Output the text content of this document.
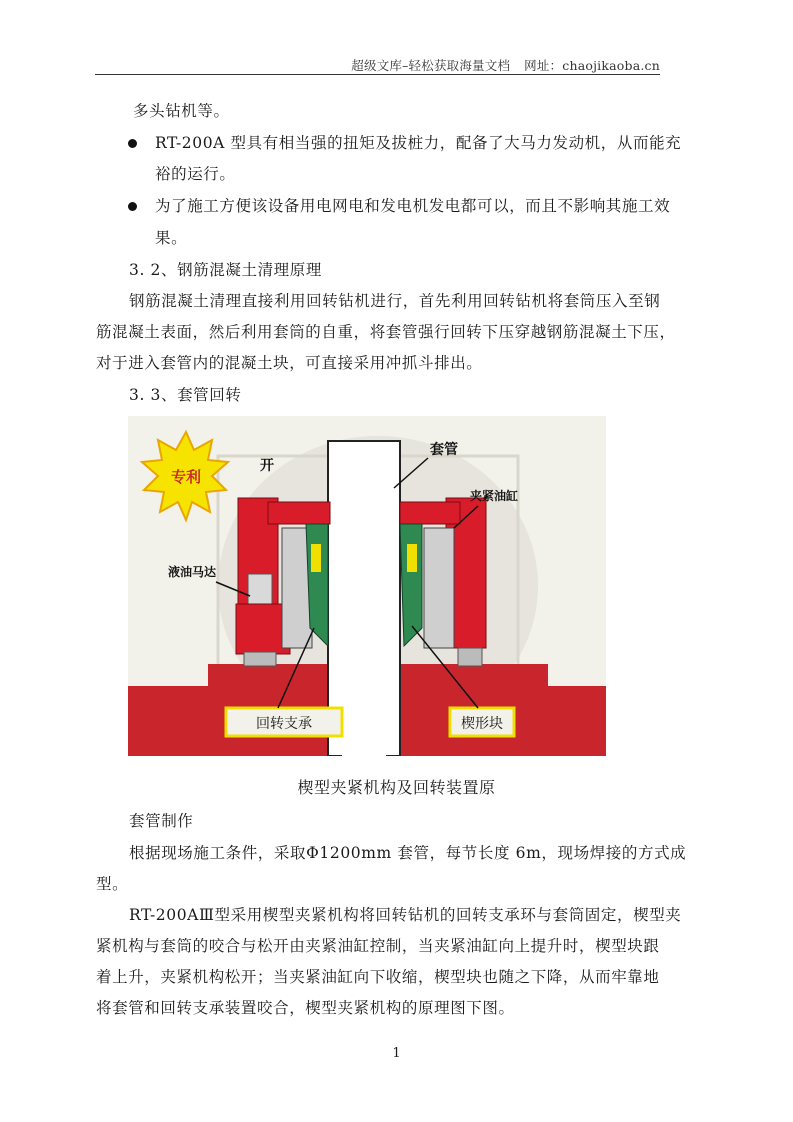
超级文库–轻松获取海量文档 网址：chaojikaoba.cn
多头钻机等。
RT-200A 型具有相当强的扭矩及拔桩力，配备了大马力发动机，从而能充
裕的运行。
为了施工方便该设备用电网电和发电机发电都可以，而且不影响其施工效
果。
3. 2、钢筋混凝土清理原理
钢筋混凝土清理直接利用回转钻机进行，首先利用回转钻机将套筒压入至钢
筋混凝土表面，然后利用套筒的自重，将套管强行回转下压穿越钢筋混凝土下压，
对于进入套管内的混凝土块，可直接采用冲抓斗排出。
3. 3、套管回转
专利
开
套管
夹紧油缸
液油马达
回转支承	楔形块
楔型夹紧机构及回转装置原
套管制作
根据现场施工条件，采取Φ1200mm 套管，每节长度 6m，现场焊接的方式成
型。
RT-200AⅢ型采用楔型夹紧机构将回转钻机的回转支承环与套筒固定，楔型夹
紧机构与套筒的咬合与松开由夹紧油缸控制，当夹紧油缸向上提升时，楔型块跟
着上升，夹紧机构松开；当夹紧油缸向下收缩，楔型块也随之下降，从而牢靠地
将套管和回转支承装置咬合，楔型夹紧机构的原理图下图。
1
